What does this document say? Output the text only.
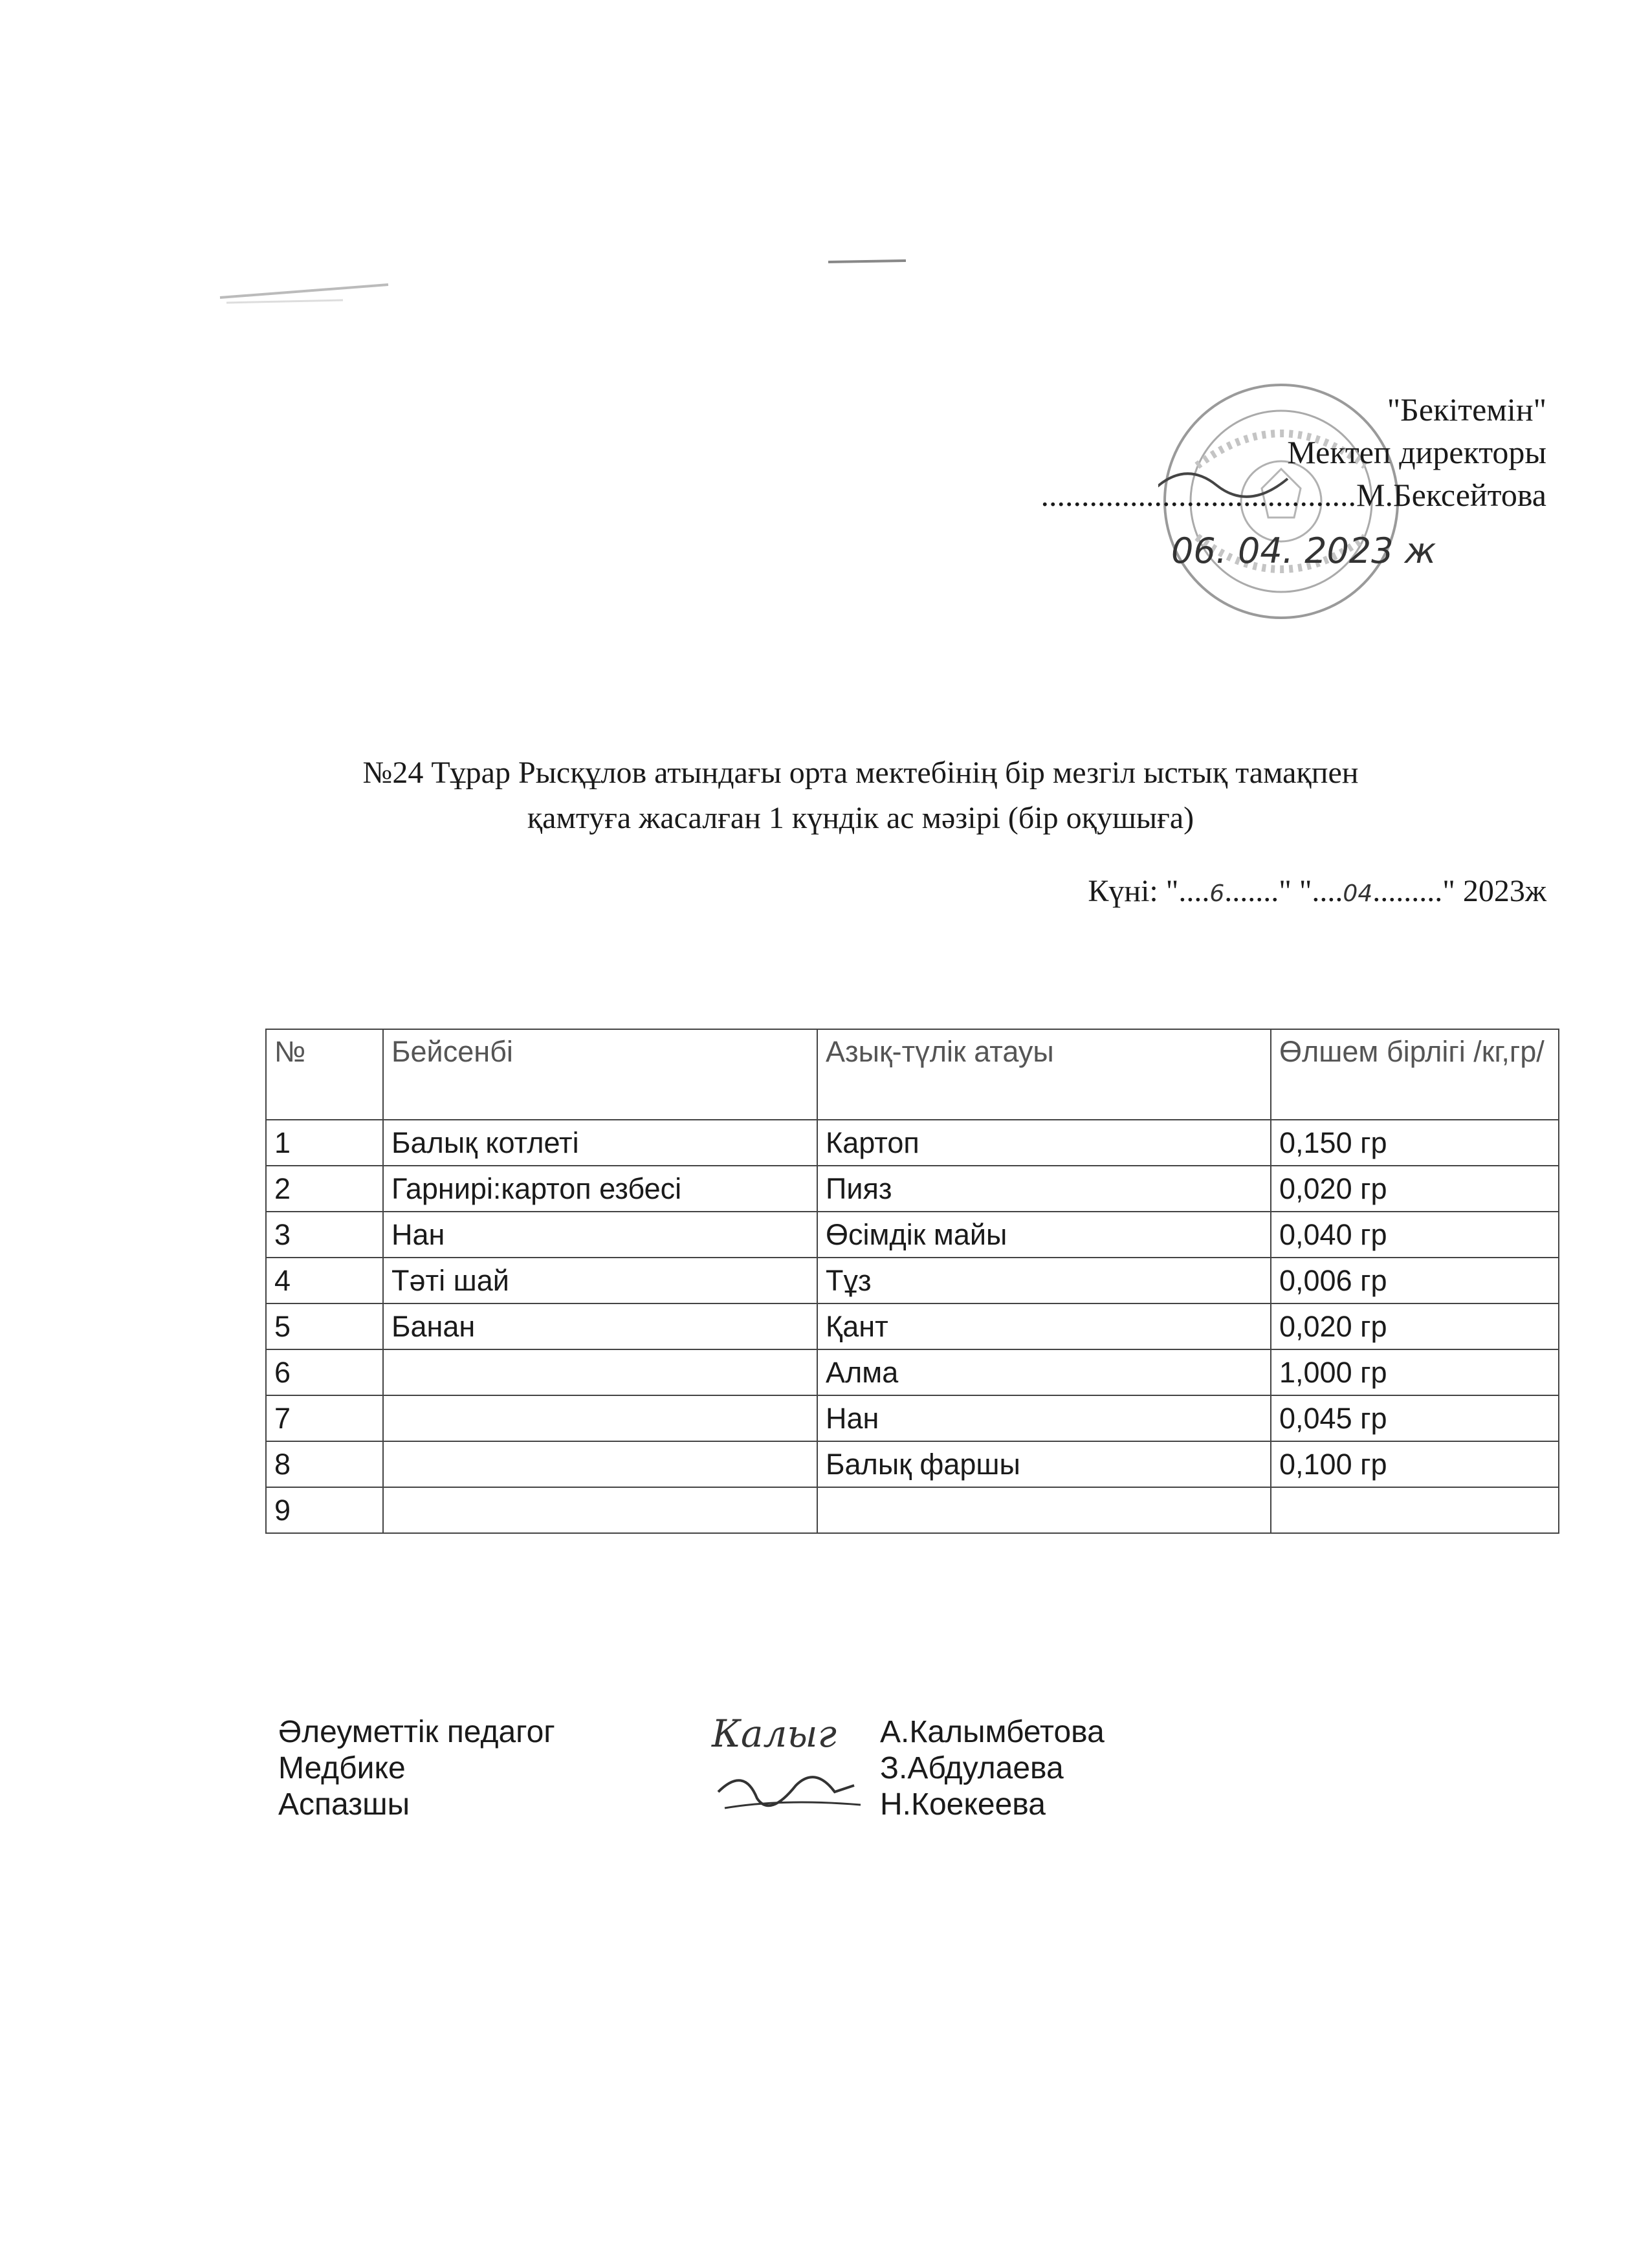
06. 04. 2023 ж
"Бекітемін"
Мектеп директоры
.......................................М.Бексейтова
№24 Тұрар Рысқұлов атындағы орта мектебінің бір мезгіл ыстық тамақпен
қамтуға жасалған 1 күндік ас мәзірі (бір оқушыға)
Күні: "....6......." "....04........." 2023ж
№	Бейсенбі	Азық-түлік атауы	Өлшем бірлігі /кг,гр/
1	Балық котлеті	Картоп	0,150 гр
2	Гарнирі:картоп езбесі	Пияз	0,020 гр
3	Нан	Өсімдік майы	0,040 гр
4	Тәті шай	Тұз	0,006 гр
5	Банан	Қант	0,020 гр
6		Алма	1,000 гр
7		Нан	0,045 гр
8		Балық фаршы	0,100 гр
9			
Калыг
Әлеуметтік педагог
Медбике
Аспазшы
А.Калымбетова
З.Абдулаева
Н.Коекеева
